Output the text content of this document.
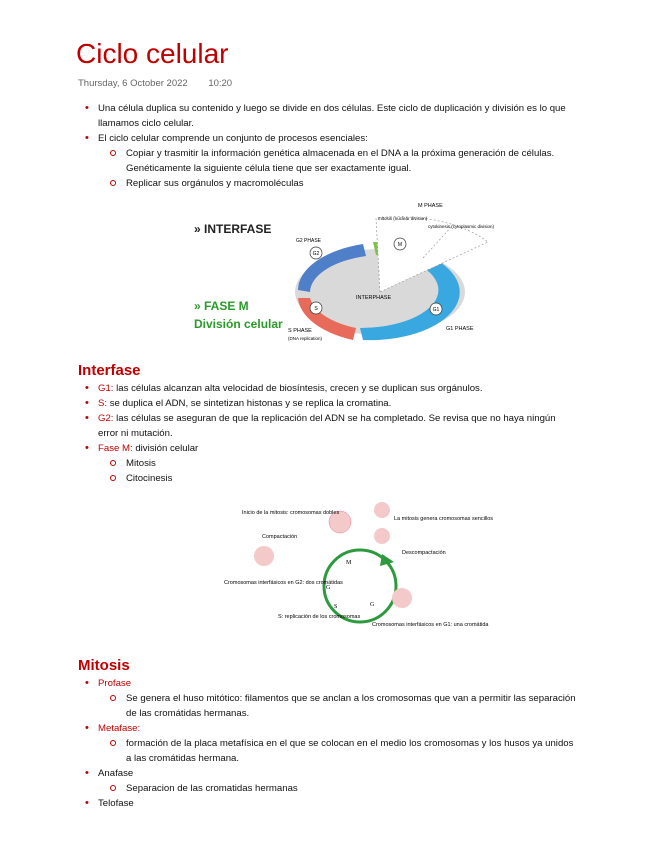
Ciclo celular
Thursday, 6 October 2022 10:20
• Una célula duplica su contenido y luego se divide en dos células. Este ciclo de duplicación y división es lo que llamamos ciclo celular.
• El ciclo celular comprende un conjunto de procesos esenciales:
Copiar y trasmitir la información genética almacenada en el DNA a la próxima generación de células. Genéticamente la siguiente célula tiene que ser exactamente igual.
Replicar sus orgánulos y macromoléculas
» INTERFASE
» FASE M
División celular
G2
M
S	G1
G2 PHASE
M PHASE
mitosis (nuclear division)
cytokinesis (cytoplasmic division)
INTERPHASE
S PHASE
(DNA replication)
G1 PHASE
Interfase
• G1: las células alcanzan alta velocidad de biosíntesis, crecen y se duplican sus orgánulos.
• S: se duplica el ADN, se sintetizan histonas y se replica la cromatina.
• G2: las células se aseguran de que la replicación del ADN se ha completado. Se revisa que no haya ningún error ni mutación.
• Fase M: división celular
Mitosis
Citocinesis
M
G
S	G
Inicio de la mitosis: cromosomas dobles
Compactación
La mitosis genera cromosomas sencillos
Descompactación
Cromosomas interfásicos en G2: dos cromátidas
S: replicación de los cromosomas
Cromosomas interfásicos en G1: una cromátida
Mitosis
• Profase
Se genera el huso mitótico: filamentos que se anclan a los cromosomas que van a permitir las separación de las cromátidas hermanas.
• Metafase:
formación de la placa metafísica en el que se colocan en el medio los cromosomas y los husos ya unidos a las cromátidas hermana.
• Anafase
Separacion de las cromatidas hermanas
• Telofase
